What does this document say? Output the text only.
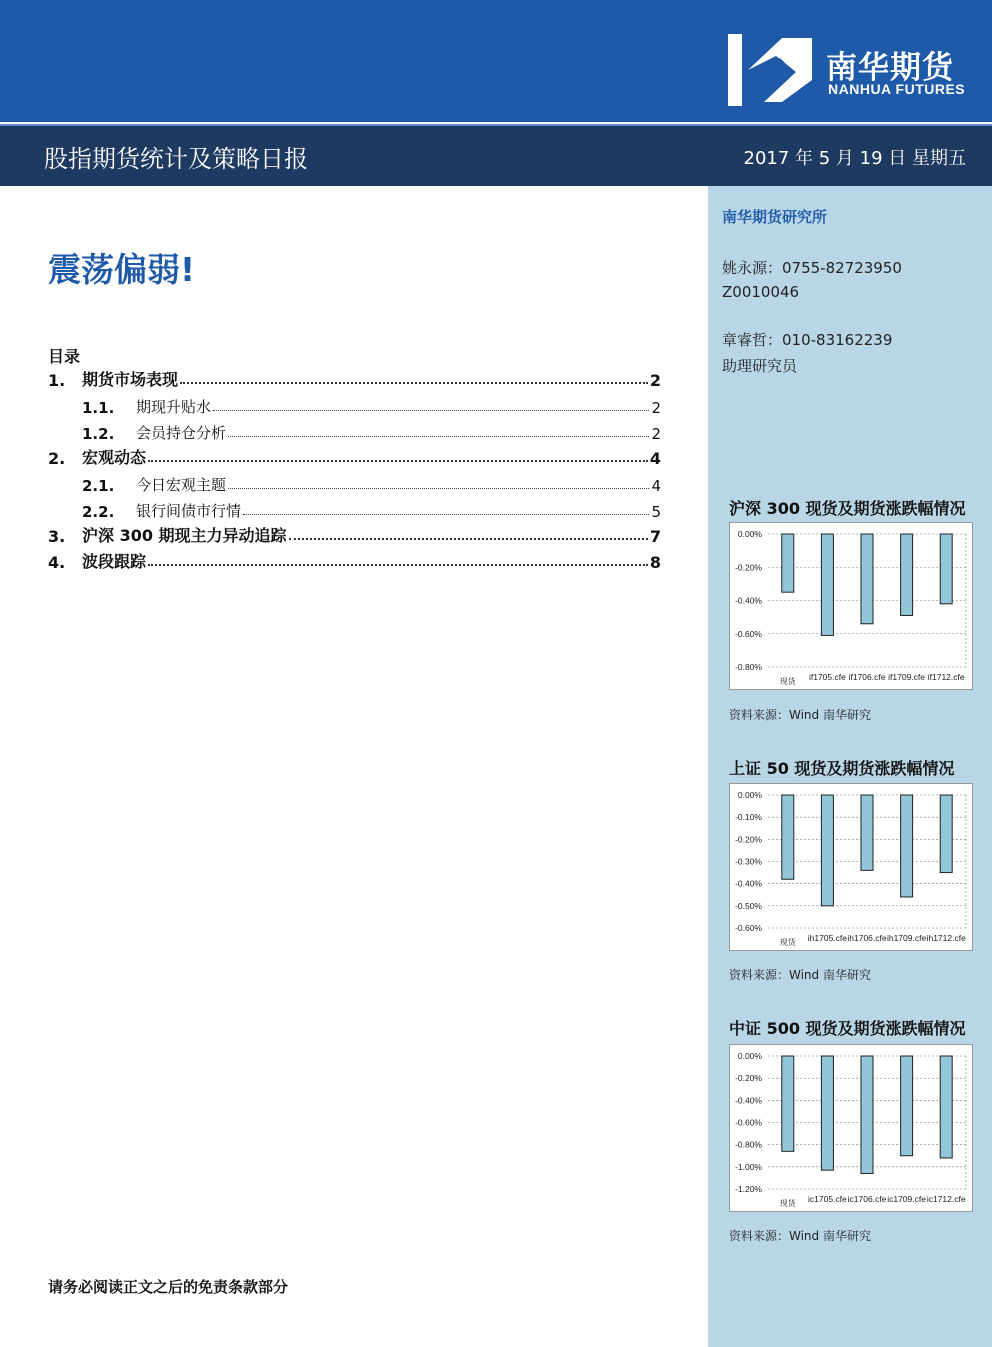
南华期货
NANHUA FUTURES
股指期货统计及策略日报	2017 年 5 月 19 日 星期五
震荡偏弱!
目录
1.	期货市场表现	2
1.1.	期现升贴水	2
1.2.	会员持仓分析	2
2.	宏观动态	4
2.1.	今日宏观主题	4
2.2.	银行间债市行情	5
3.	沪深 300 期现主力异动追踪	7
4.	波段跟踪	8
请务必阅读正文之后的免责条款部分
南华期货研究所
姚永源：0755-82723950
Z0010046
章睿哲：010-83162239
助理研究员
沪深 300 现货及期货涨跌幅情况
0.00%
-0.20%
-0.40%
-0.60%
-0.80%
现货 if1705.cfe if1706.cfe if1709.cfe if1712.cfe
资料来源：Wind 南华研究
上证 50 现货及期货涨跌幅情况
0.00%
-0.10%
-0.20%
-0.30%
-0.40%
-0.50%
-0.60%
现货 ih1705.cfe ih1706.cfe ih1709.cfe ih1712.cfe
资料来源：Wind 南华研究
中证 500 现货及期货涨跌幅情况
0.00%
-0.20%
-0.40%
-0.60%
-0.80%
-1.00%
-1.20%
现货 ic1705.cfe ic1706.cfe ic1709.cfe ic1712.cfe
资料来源：Wind 南华研究
